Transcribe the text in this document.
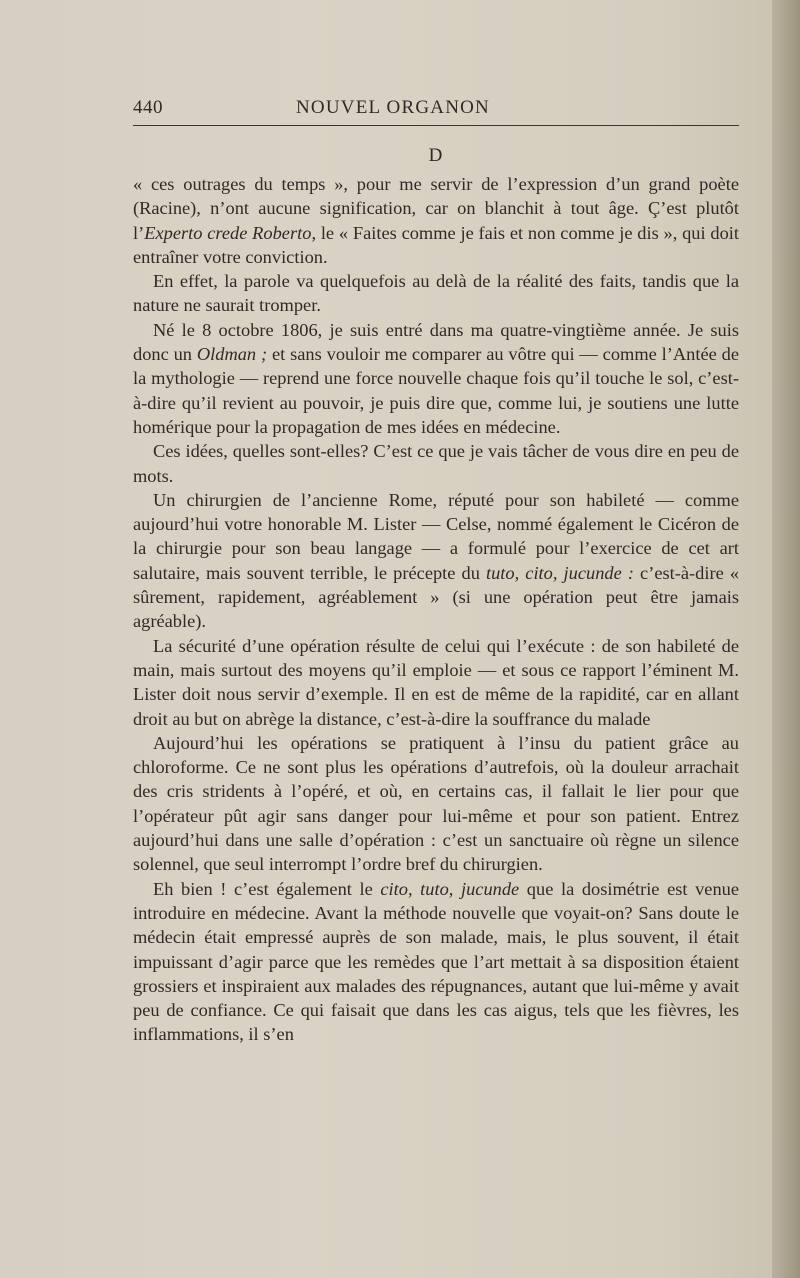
440	NOUVEL ORGANON
D

« ces outrages du temps », pour me servir de l’expression d’un grand poète (Racine), n’ont aucune signification, car on blanchit à tout âge. Ç’est plutôt l’Experto crede Roberto, le « Faites comme je fais et non comme je dis », qui doit entraîner votre conviction.

En effet, la parole va quelquefois au delà de la réalité des faits, tandis que la nature ne saurait tromper.

Né le 8 octobre 1806, je suis entré dans ma quatre-vingtième année. Je suis donc un Oldman ; et sans vouloir me comparer au vôtre qui — comme l’Antée de la mythologie — reprend une force nouvelle chaque fois qu’il touche le sol, c’est-à-dire qu’il revient au pouvoir, je puis dire que, comme lui, je soutiens une lutte homérique pour la propagation de mes idées en médecine.

Ces idées, quelles sont-elles? C’est ce que je vais tâcher de vous dire en peu de mots.

Un chirurgien de l’ancienne Rome, réputé pour son habileté — comme aujourd’hui votre honorable M. Lister — Celse, nommé également le Cicéron de la chirurgie pour son beau langage — a formulé pour l’exercice de cet art salutaire, mais souvent terrible, le précepte du tuto, cito, jucunde : c’est-à-dire « sûrement, rapidement, agréablement » (si une opération peut être jamais agréable).

La sécurité d’une opération résulte de celui qui l’exécute : de son habileté de main, mais surtout des moyens qu’il emploie — et sous ce rapport l’éminent M. Lister doit nous servir d’exemple. Il en est de même de la rapidité, car en allant droit au but on abrège la distance, c’est-à-dire la souffrance du malade

Aujourd’hui les opérations se pratiquent à l’insu du patient grâce au chloroforme. Ce ne sont plus les opérations d’autrefois, où la douleur arrachait des cris stridents à l’opéré, et où, en certains cas, il fallait le lier pour que l’opérateur pût agir sans danger pour lui-même et pour son patient. Entrez aujourd’hui dans une salle d’opération : c’est un sanctuaire où règne un silence solennel, que seul interrompt l’ordre bref du chirurgien.

Eh bien ! c’est également le cito, tuto, jucunde que la dosimétrie est venue introduire en médecine. Avant la méthode nouvelle que voyait-on? Sans doute le médecin était empressé auprès de son malade, mais, le plus souvent, il était impuissant d’agir parce que les remèdes que l’art mettait à sa disposition étaient grossiers et inspiraient aux malades des répugnances, autant que lui-même y avait peu de confiance. Ce qui faisait que dans les cas aigus, tels que les fièvres, les inflammations, il s’en
